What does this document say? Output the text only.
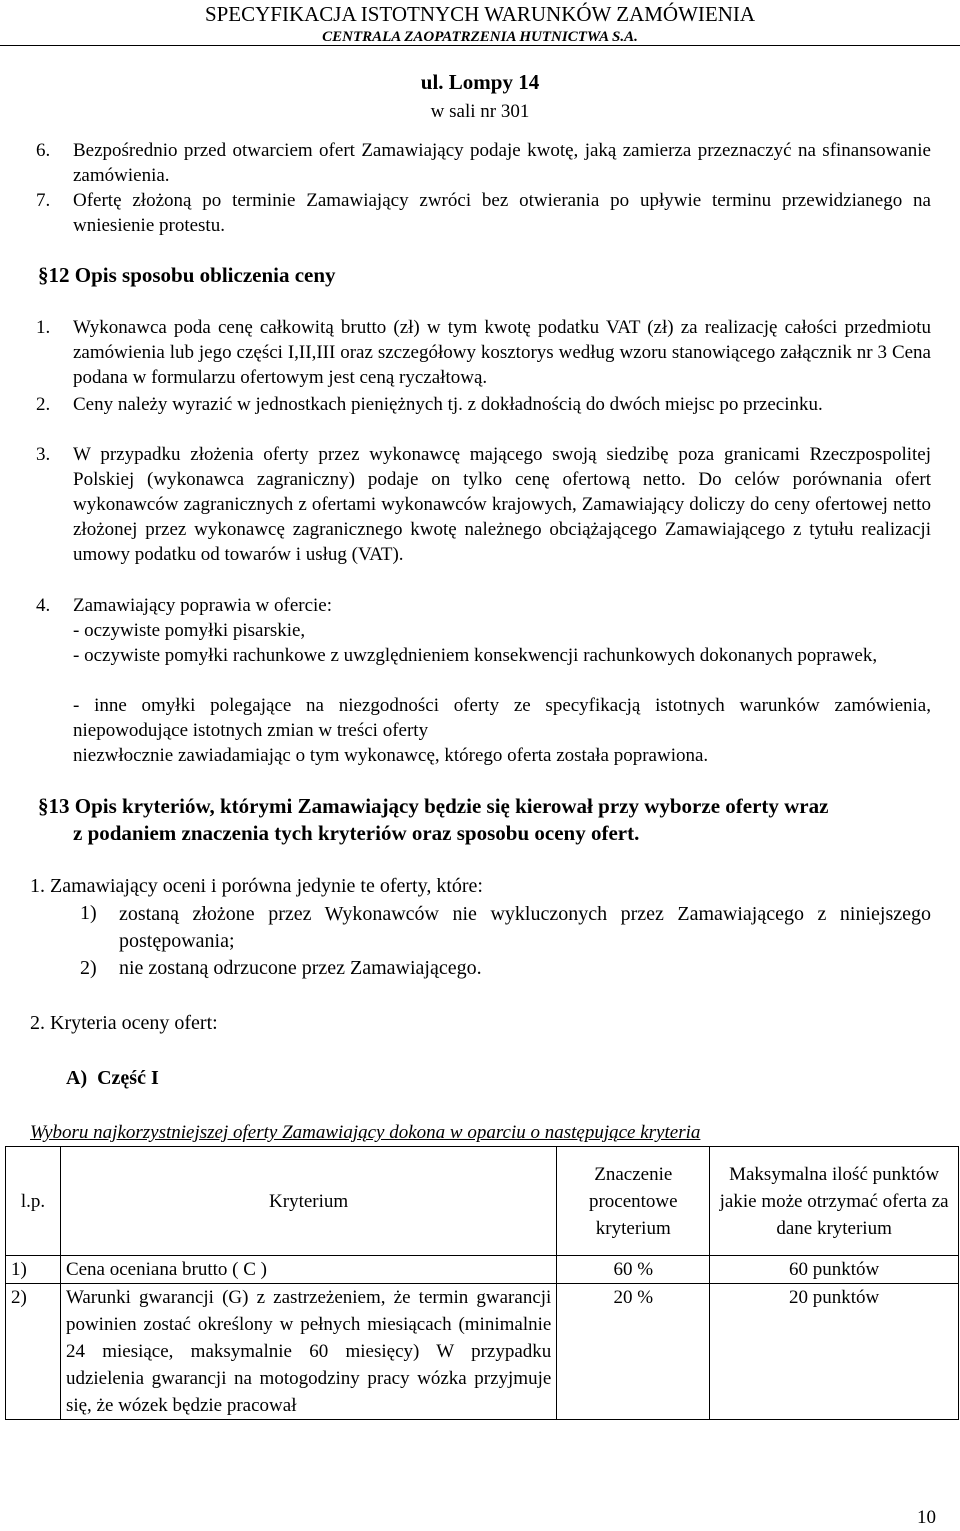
SPECYFIKACJA ISTOTNYCH WARUNKÓW ZAMÓWIENIA
CENTRALA ZAOPATRZENIA HUTNICTWA S.A.
ul. Lompy 14
w sali nr 301
6. Bezpośrednio przed otwarciem ofert Zamawiający podaje kwotę, jaką zamierza przeznaczyć na sfinansowanie zamówienia.

7. Ofertę złożoną po terminie Zamawiający zwróci bez otwierania po upływie terminu przewidzianego na wniesienie protestu.

§12 Opis sposobu obliczenia ceny
1. Wykonawca poda cenę całkowitą brutto (zł) w tym kwotę podatku VAT (zł) za realizację całości przedmiotu zamówienia lub jego części I,II,III oraz szczegółowy kosztorys według wzoru stanowiącego załącznik nr 3 Cena podana w formularzu ofertowym jest ceną ryczałtową.

2. Ceny należy wyrazić w jednostkach pieniężnych tj. z dokładnością do dwóch miejsc po przecinku.

3. W przypadku złożenia oferty przez wykonawcę mającego swoją siedzibę poza granicami Rzeczpospolitej Polskiej (wykonawca zagraniczny) podaje on tylko cenę ofertową netto. Do celów porównania ofert wykonawców zagranicznych z ofertami wykonawców krajowych, Zamawiający doliczy do ceny ofertowej netto złożonej przez wykonawcę zagranicznego kwotę należnego obciążającego Zamawiającego z tytułu realizacji umowy podatku od towarów i usług (VAT).

4. Zamawiający poprawia w ofercie:

- oczywiste pomyłki pisarskie,

- oczywiste pomyłki rachunkowe z uwzględnieniem konsekwencji rachunkowych dokonanych poprawek,

- inne omyłki polegające na niezgodności oferty ze specyfikacją istotnych warunków zamówienia, niepowodujące istotnych zmian w treści oferty

niezwłocznie zawiadamiając o tym wykonawcę, którego oferta została poprawiona.

§13 Opis kryteriów, którymi Zamawiający będzie się kierował przy wyborze oferty wraz
z podaniem znaczenia tych kryteriów oraz sposobu oceny ofert.
1. Zamawiający oceni i porówna jedynie te oferty, które:
1) zostaną złożone przez Wykonawców nie wykluczonych przez Zamawiającego z niniejszego postępowania;

2) nie zostaną odrzucone przez Zamawiającego.

2. Kryteria oceny ofert:
A)  Część I

Wyboru najkorzystniejszej oferty Zamawiający dokona w oparciu o następujące kryteria

l.p.	Kryterium	Znaczenie procentowe kryterium	Maksymalna ilość punktów jakie może otrzymać oferta za dane kryterium
1)	Cena oceniana brutto ( C )	60 %	60 punktów
2)	Warunki gwarancji (G) z zastrzeżeniem, że termin gwarancji powinien zostać określony w pełnych miesiącach (minimalnie 24 miesiące, maksymalnie 60 miesięcy) W przypadku udzielenia gwarancji na motogodziny pracy wózka przyjmuje się, że wózek będzie pracował	20 %	20 punktów
10
